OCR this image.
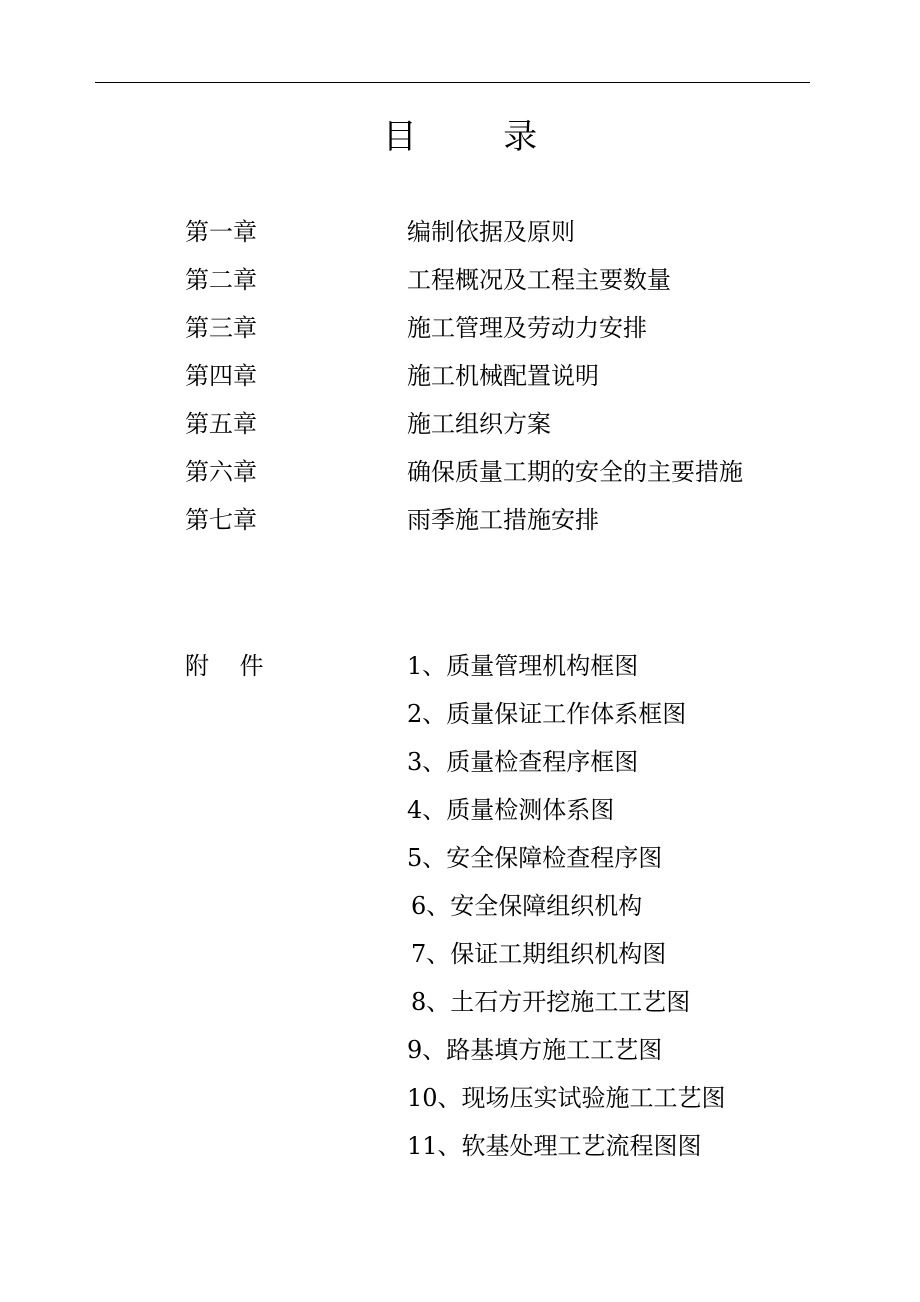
目        录
第一章	编制依据及原则
第二章	工程概况及工程主要数量
第三章	施工管理及劳动力安排
第四章	施工机械配置说明
第五章	施工组织方案
第六章	确保质量工期的安全的主要措施
第七章	雨季施工措施安排
附    件	1、质量管理机构框图
2、质量保证工作体系框图
3、质量检查程序框图
4、质量检测体系图
5、安全保障检查程序图
6、安全保障组织机构
7、保证工期组织机构图
8、土石方开挖施工工艺图
9、路基填方施工工艺图
10、现场压实试验施工工艺图
11、软基处理工艺流程图图
